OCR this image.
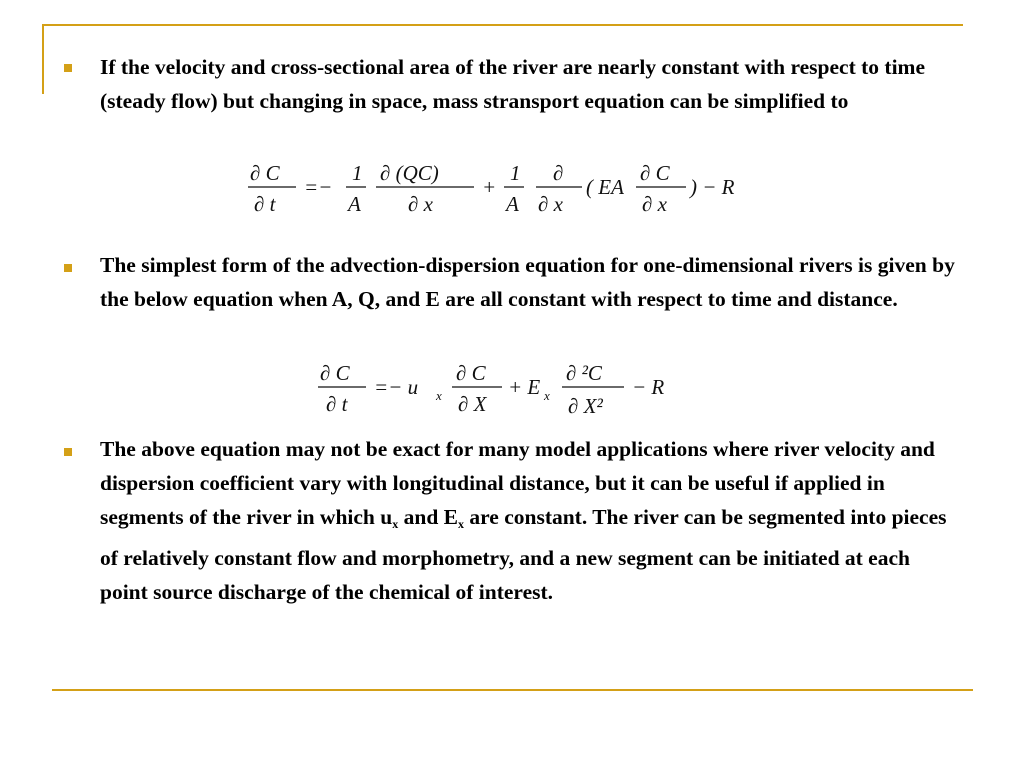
If the velocity and cross-sectional area of the river are nearly constant with respect to time (steady flow) but changing in space, mass stransport equation can be simplified to

∂ C
∂ t
=−
1
A
∂ (QC)
∂ x
+
1
A
∂
∂ x
( EA
∂ C
∂ x
) − R

The simplest form of the advection-dispersion equation for one-dimensional rivers is given by the below equation when A, Q, and E are all constant with respect to time and distance.

∂ C
∂ t
=− u x
∂ C
∂ X
+ E x
∂ ²C
∂ X²
− R

The above equation may not be exact for many model applications where river velocity and dispersion coefficient vary with longitudinal distance, but it can be useful if applied in segments of the river in which $u_x$ and $E_x$ are constant. The river can be segmented into pieces of relatively constant flow and morphometry, and a new segment can be initiated at each point source discharge of the chemical of interest.
